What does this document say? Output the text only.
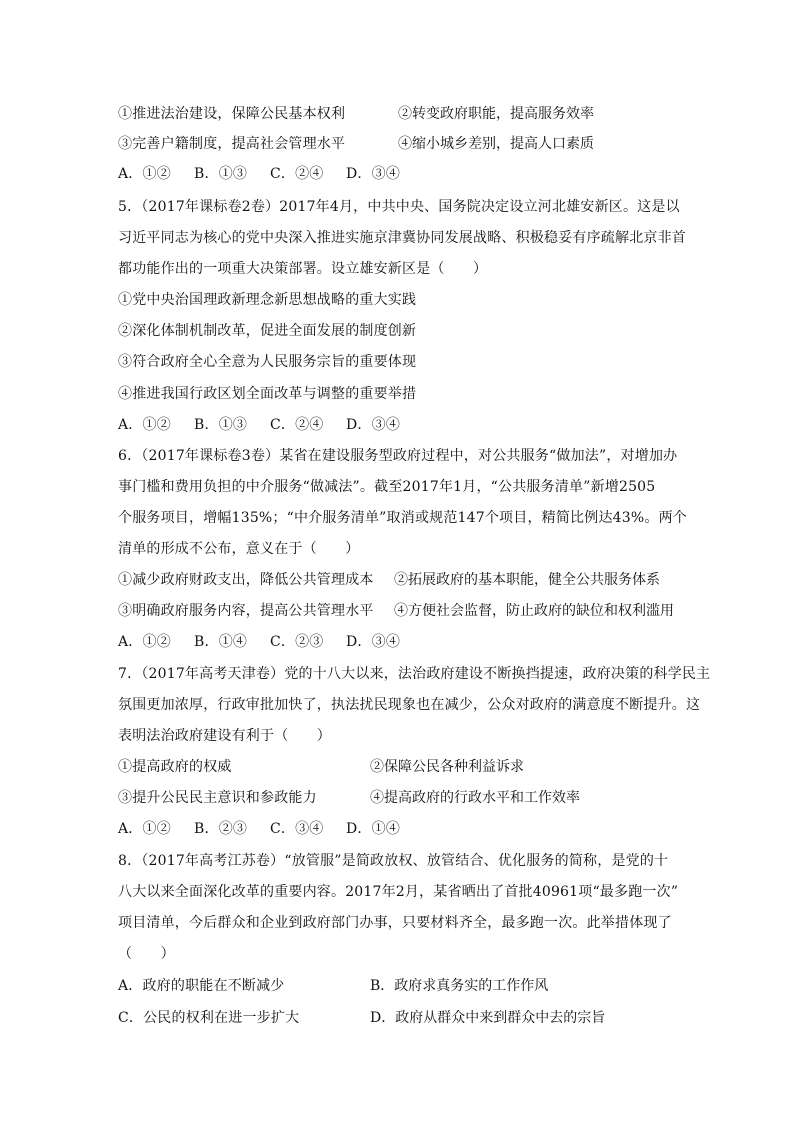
①推进法治建设，保障公民基本权利	②转变政府职能，提高服务效率
③完善户籍制度，提高社会管理水平	④缩小城乡差别，提高人口素质
A．①② B．①③ C．②④ D．③④
5．（2017年课标卷2卷）2017年4月，中共中央、国务院决定设立河北雄安新区。这是以
习近平同志为核心的党中央深入推进实施京津冀协同发展战略、积极稳妥有序疏解北京非首
都功能作出的一项重大决策部署。设立雄安新区是（　　）
①党中央治国理政新理念新思想战略的重大实践
②深化体制机制改革，促进全面发展的制度创新
③符合政府全心全意为人民服务宗旨的重要体现
④推进我国行政区划全面改革与调整的重要举措
A．①② B．①③ C．②④ D．③④
6．（2017年课标卷3卷）某省在建设服务型政府过程中，对公共服务“做加法”，对增加办
事门槛和费用负担的中介服务“做减法”。截至2017年1月，“公共服务清单”新增2505
个服务项目，增幅135%；“中介服务清单”取消或规范147个项目，精简比例达43%。两个
清单的形成不公布，意义在于（　　）
①减少政府财政支出，降低公共管理成本 ②拓展政府的基本职能，健全公共服务体系
③明确政府服务内容，提高公共管理水平 ④方便社会监督，防止政府的缺位和权利滥用
A．①② B．①④ C．②③ D．③④
7．（2017年高考天津卷）党的十八大以来，法治政府建设不断换挡提速，政府决策的科学民主
氛围更加浓厚，行政审批加快了，执法扰民现象也在减少，公众对政府的满意度不断提升。这
表明法治政府建设有利于（　　）
①提高政府的权威	②保障公民各种利益诉求
③提升公民民主意识和参政能力	④提高政府的行政水平和工作效率
A．①② B．②③ C．③④ D．①④
8．（2017年高考江苏卷）“放管服”是简政放权、放管结合、优化服务的简称，是党的十
八大以来全面深化改革的重要内容。2017年2月，某省晒出了首批40961项“最多跑一次”
项目清单，今后群众和企业到政府部门办事，只要材料齐全，最多跑一次。此举措体现了
（　　）
A．政府的职能在不断减少	B．政府求真务实的工作作风
C．公民的权利在进一步扩大	D．政府从群众中来到群众中去的宗旨
